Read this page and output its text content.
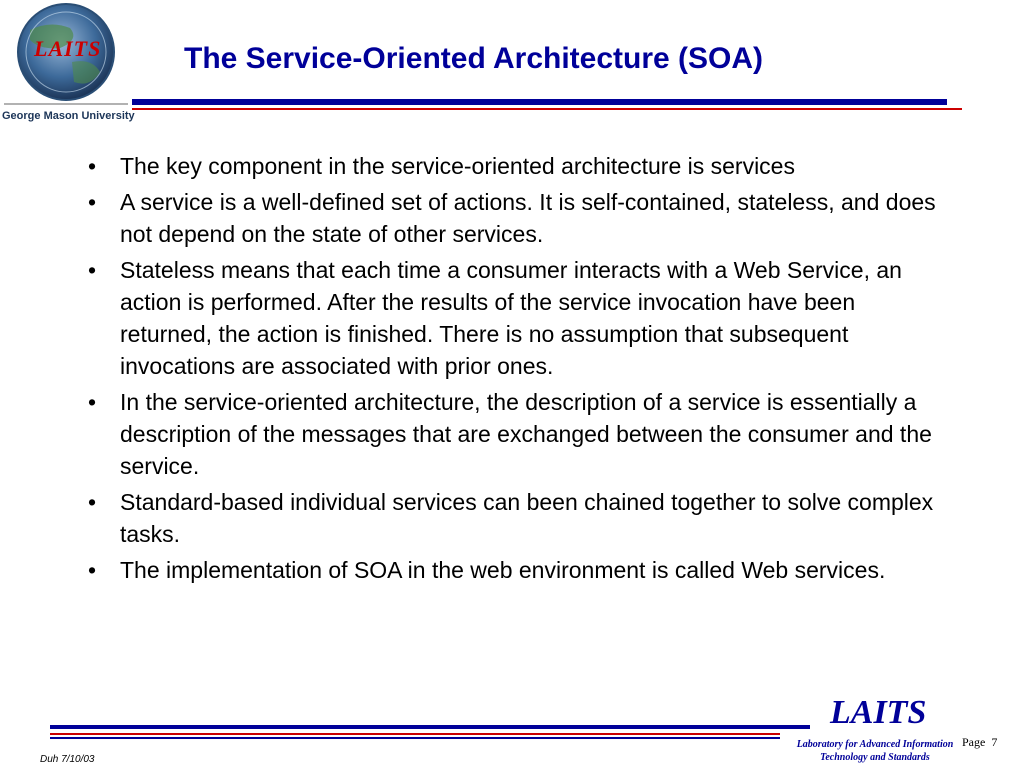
LAITS
George Mason University
The Service-Oriented Architecture (SOA)
• The key component in the service-oriented architecture is services
• A service is a well-defined set of actions. It is self-contained, stateless, and does not depend on the state of other services.
• Stateless means that each time a consumer interacts with a Web Service, an action is performed. After the results of the service invocation have been returned, the action is finished. There is no assumption that subsequent invocations are associated with prior ones.
• In the service-oriented architecture, the description of a service is essentially a description of the messages that are exchanged between the consumer and the service.
• Standard-based individual services can been chained together to solve complex tasks.
• The implementation of SOA in the web environment is called Web services.
LAITS
Laboratory for Advanced Information
Technology and Standards
Page  7
Duh 7/10/03
